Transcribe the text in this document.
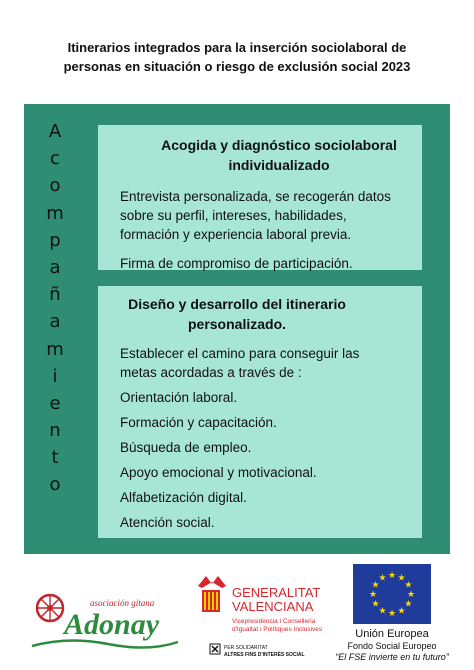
Itinerarios integrados para la inserción sociolaboral de
personas en situación o riesgo de exclusión social 2023
A
c
o
m
p
a
ñ
a
m
i
e
n
t
o
Acogida y diagnóstico sociolaboral
individualizado

Entrevista personalizada, se recogerán datos
sobre su perfil, intereses, habilidades,
formación y experiencia laboral previa.

Firma de compromiso de participación.

Diseño y desarrollo del itinerario
personalizado.

Establecer el camino para conseguir las
metas acordadas a través de :

Orientación laboral.

Formación y capacitación.

Búsqueda de empleo.

Apoyo emocional y motivacional.

Alfabetización digital.

Atención social.

asociación gitana
Adonay
GENERALITAT
VALENCIANA
Vicepresidència i Conselleria
d'Igualtat i Polítiques Inclusives
PER SOLIDARITAT
ALTRES FINS D'INTERÈS SOCIAL
★
★
★
★
★
★
★
★
★ ★ ★
★
Unión Europea
Fondo Social Europeo
“El FSE invierte en tu futuro”
